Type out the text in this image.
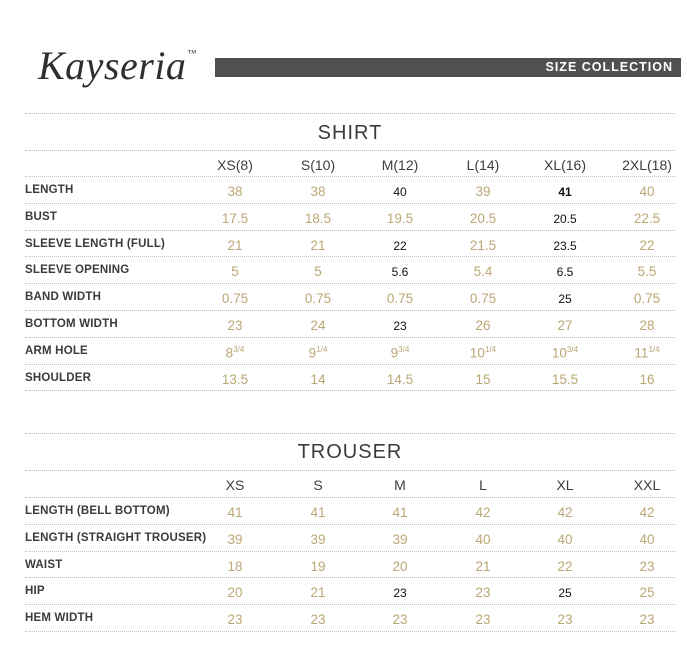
Kayseria™
SIZE COLLECTION
SHIRT
XS(8)	S(10)	M(12)	L(14)	XL(16)	2XL(18)
LENGTH	38	38	40	39	41	40
BUST	17.5	18.5	19.5	20.5	20.5	22.5
SLEEVE LENGTH (FULL)	21	21	22	21.5	23.5	22
SLEEVE OPENING	5	5	5.6	5.4	6.5	5.5
BAND WIDTH	0.75	0.75	0.75	0.75	25	0.75
BOTTOM WIDTH	23	24	23	26	27	28
ARM HOLE	$8^{3/4}$	$9^{1/4}$	$9^{3/4}$	$10^{1/4}$	$10^{3/4}$	$11^{1/4}$
SHOULDER	13.5	14	14.5	15	15.5	16
TROUSER
XS	S	M	L	XL	XXL
LENGTH (BELL BOTTOM)	41	41	41	42	42	42
LENGTH (STRAIGHT TROUSER)	39	39	39	40	40	40
WAIST	18	19	20	21	22	23
HIP	20	21	23	23	25	25
HEM WIDTH	23	23	23	23	23	23
